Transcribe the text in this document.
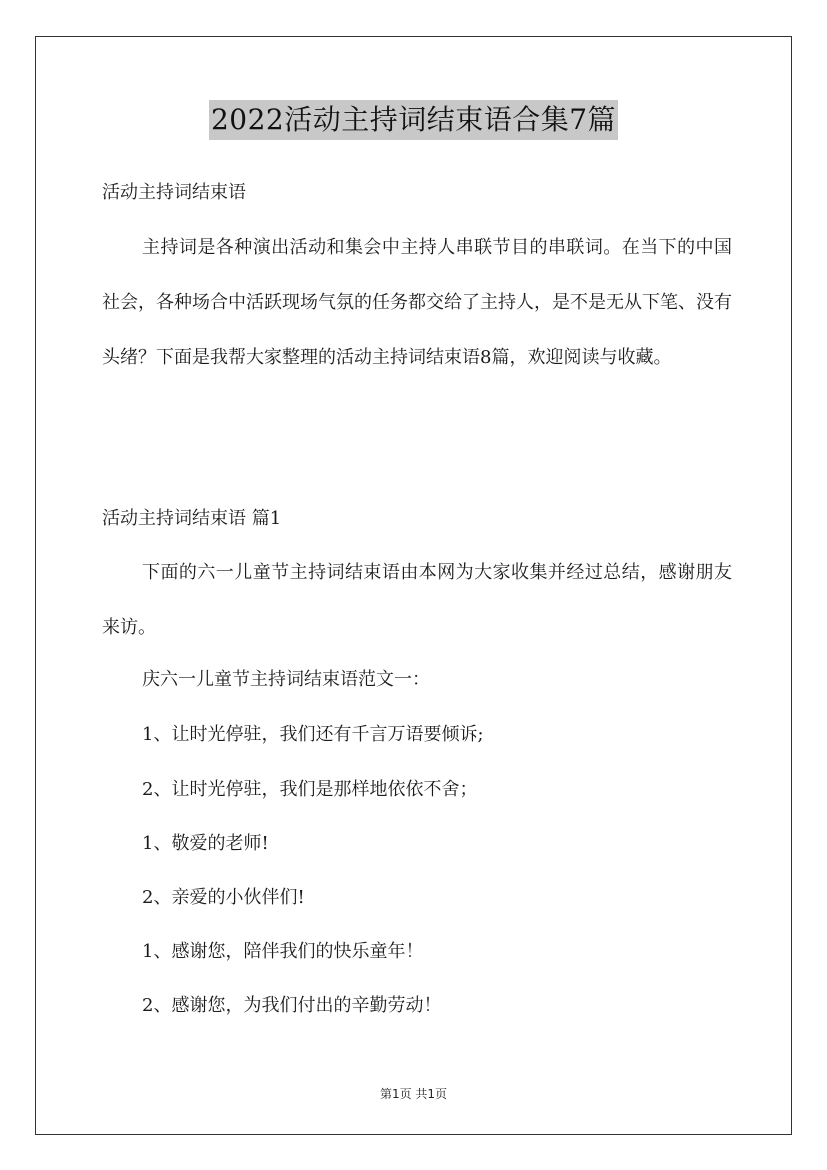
2022活动主持词结束语合集7篇
活动主持词结束语

主持词是各种演出活动和集会中主持人串联节目的串联词。在当下的中国社会，各种场合中活跃现场气氛的任务都交给了主持人，是不是无从下笔、没有头绪？下面是我帮大家整理的活动主持词结束语8篇，欢迎阅读与收藏。

活动主持词结束语 篇1

下面的六一儿童节主持词结束语由本网为大家收集并经过总结，感谢朋友来访。

庆六一儿童节主持词结束语范文一：
1、让时光停驻，我们还有千言万语要倾诉;
2、让时光停驻，我们是那样地依依不舍；
1、敬爱的老师!
2、亲爱的小伙伴们!
1、感谢您，陪伴我们的快乐童年！
2、感谢您，为我们付出的辛勤劳动！
第1页 共1页
